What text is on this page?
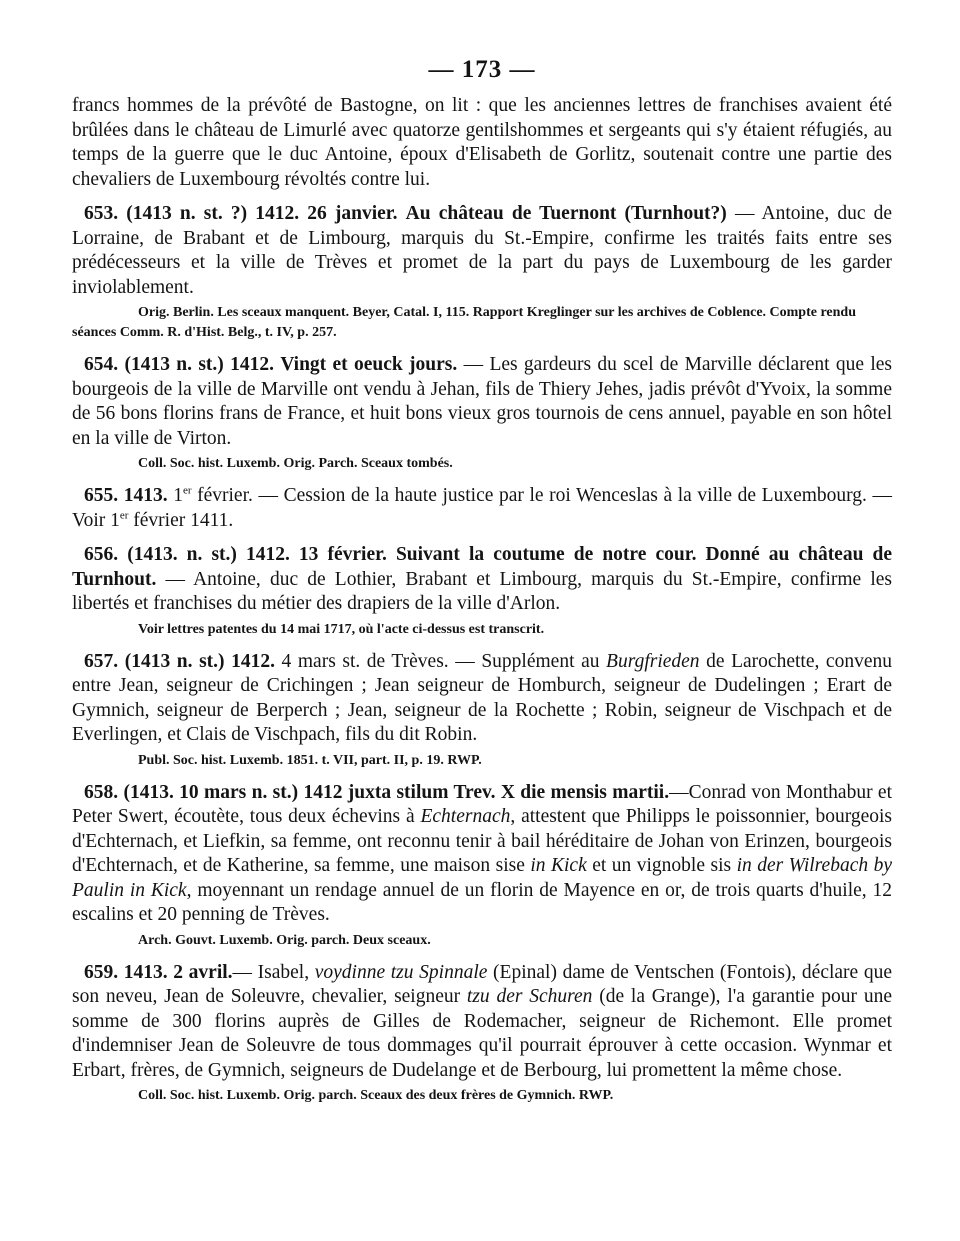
— 173 —

francs hommes de la prévôté de Bastogne, on lit : que les anciennes lettres de franchises avaient été brûlées dans le château de Limurlé avec quatorze gentilshommes et sergeants qui s'y étaient réfugiés, au temps de la guerre que le duc Antoine, époux d'Elisabeth de Gorlitz, soutenait contre une partie des chevaliers de Luxembourg révoltés contre lui.

653. (1413 n. st. ?) 1412. 26 janvier. Au château de Tuernont (Turnhout?) — Antoine, duc de Lorraine, de Brabant et de Limbourg, marquis du St.-Empire, confirme les traités faits entre ses prédécesseurs et la ville de Trèves et promet de la part du pays de Luxembourg de les garder inviolablement.

Orig. Berlin. Les sceaux manquent. Beyer, Catal. I, 115. Rapport Kreglinger sur les archives de Coblence. Compte rendu séances Comm. R. d'Hist. Belg., t. IV, p. 257.

654. (1413 n. st.) 1412. Vingt et oeuck jours. — Les gardeurs du scel de Marville déclarent que les bourgeois de la ville de Marville ont vendu à Jehan, fils de Thiery Jehes, jadis prévôt d'Yvoix, la somme de 56 bons florins frans de France, et huit bons vieux gros tournois de cens annuel, payable en son hôtel en la ville de Virton.

Coll. Soc. hist. Luxemb. Orig. Parch. Sceaux tombés.

655. 1413. 1er février. — Cession de la haute justice par le roi Wenceslas à la ville de Luxembourg. — Voir 1er février 1411.

656. (1413. n. st.) 1412. 13 février. Suivant la coutume de notre cour. Donné au château de Turnhout. — Antoine, duc de Lothier, Brabant et Limbourg, marquis du St.-Empire, confirme les libertés et franchises du métier des drapiers de la ville d'Arlon.

Voir lettres patentes du 14 mai 1717, où l'acte ci-dessus est transcrit.

657. (1413 n. st.) 1412. 4 mars st. de Trèves. — Supplément au Burgfrieden de Larochette, convenu entre Jean, seigneur de Crichingen ; Jean seigneur de Homburch, seigneur de Dudelingen ; Erart de Gymnich, seigneur de Berperch ; Jean, seigneur de la Rochette ; Robin, seigneur de Vischpach et de Everlingen, et Clais de Vischpach, fils du dit Robin.

Publ. Soc. hist. Luxemb. 1851. t. VII, part. II, p. 19. RWP.

658. (1413. 10 mars n. st.) 1412 juxta stilum Trev. X die mensis martii.—Conrad von Monthabur et Peter Swert, écoutète, tous deux échevins à Echternach, attestent que Philipps le poissonnier, bourgeois d'Echternach, et Liefkin, sa femme, ont reconnu tenir à bail héréditaire de Johan von Erinzen, bourgeois d'Echternach, et de Katherine, sa femme, une maison sise in Kick et un vignoble sis in der Wilrebach by Paulin in Kick, moyennant un rendage annuel de un florin de Mayence en or, de trois quarts d'huile, 12 escalins et 20 penning de Trèves.

Arch. Gouvt. Luxemb. Orig. parch. Deux sceaux.

659. 1413. 2 avril.— Isabel, voydinne tzu Spinnale (Epinal) dame de Ventschen (Fontois), déclare que son neveu, Jean de Soleuvre, chevalier, seigneur tzu der Schuren (de la Grange), l'a garantie pour une somme de 300 florins auprès de Gilles de Rodemacher, seigneur de Richemont. Elle promet d'indemniser Jean de Soleuvre de tous dommages qu'il pourrait éprouver à cette occasion. Wynmar et Erbart, frères, de Gymnich, seigneurs de Dudelange et de Berbourg, lui promettent la même chose.

Coll. Soc. hist. Luxemb. Orig. parch. Sceaux des deux frères de Gymnich. RWP.
